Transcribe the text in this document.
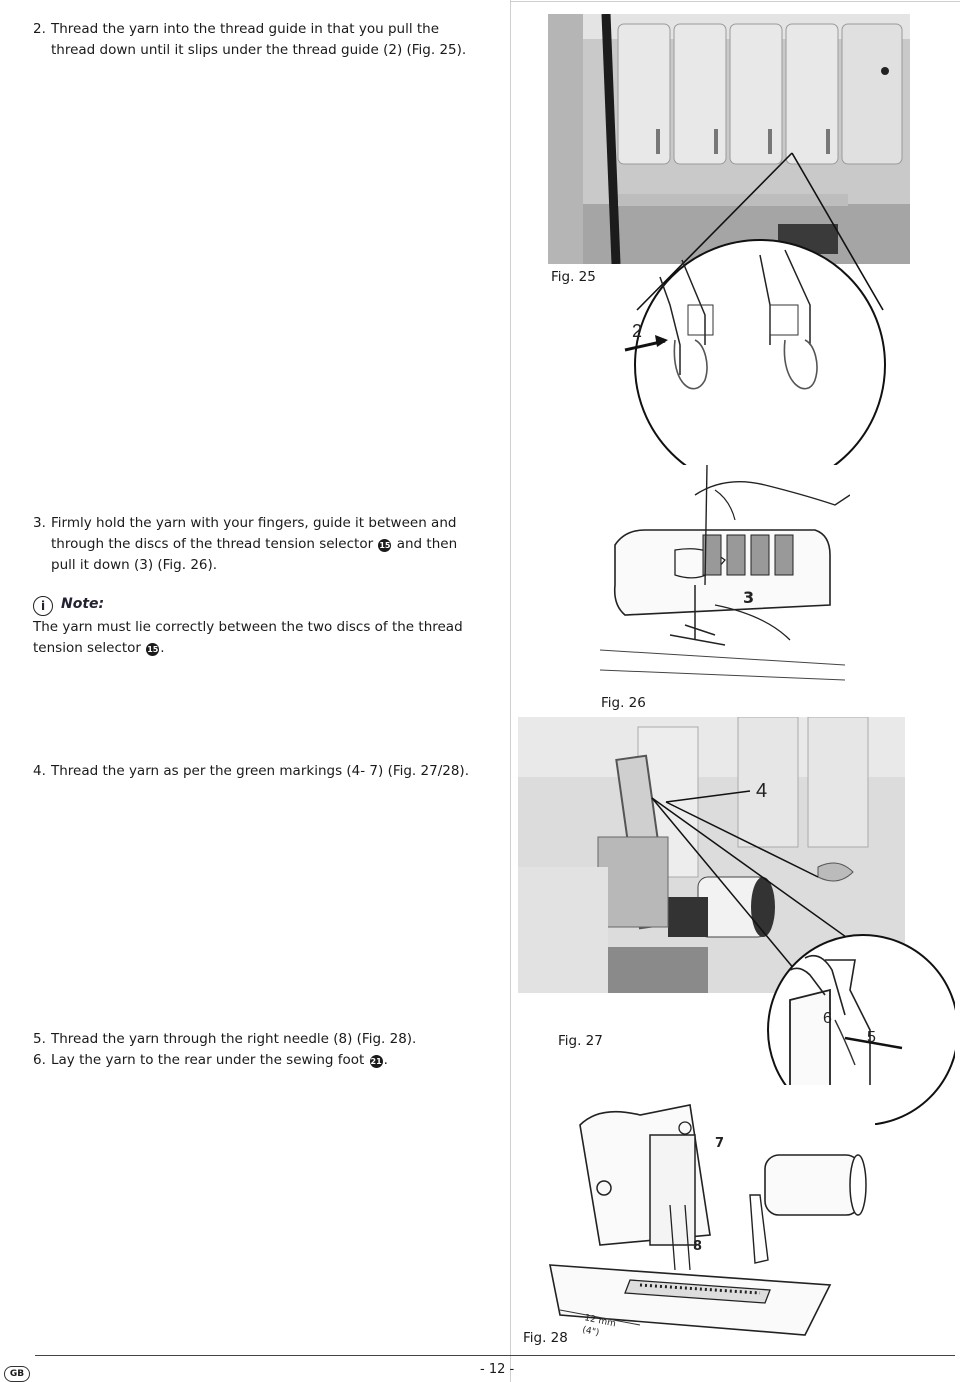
2. Thread the yarn into the thread guide in that you pull the thread down until it slips under the thread guide (2) (Fig. 25).
3. Firmly hold the yarn with your fingers, guide it between and through the discs of the thread tension selector 15 and then pull it down (3) (Fig. 26).
i Note:
The yarn must lie correctly between the two discs of the thread tension selector 15 .
4. Thread the yarn as per the green markings (4- 7) (Fig. 27/28).
5. Thread the yarn through the right needle (8) (Fig. 28).
6. Lay the yarn to the rear under the sewing foot 21 .
Fig. 25
2
3
Fig. 26
4
6
5
Fig. 27
7
8
12 mm
(4")
Fig. 28
GB	- 12 -
